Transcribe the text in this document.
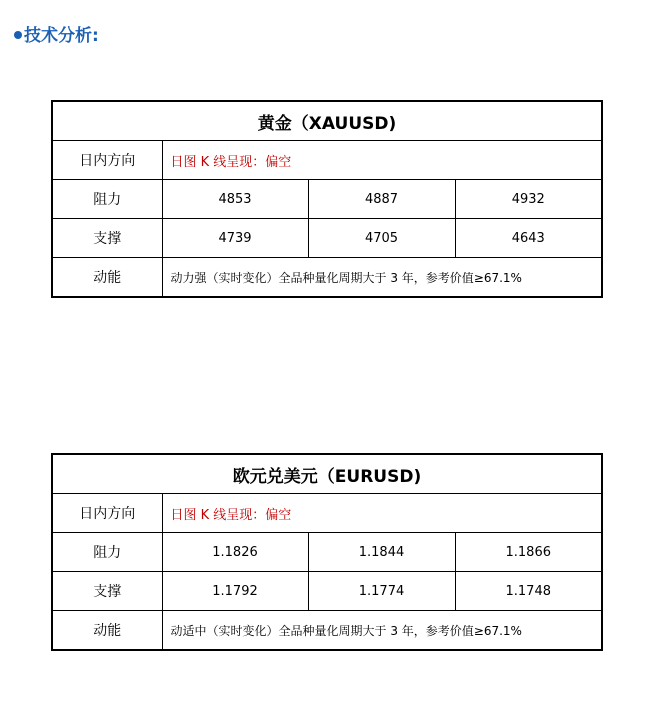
技术分析:
黄金（XAUUSD)			
日内方向	日图 K 线呈现：偏空		
阻力	4853	4887	4932
支撑	4739	4705	4643
动能	动力强（实时变化）全品种量化周期大于 3 年，参考价值≥67.1%		
欧元兑美元（EURUSD)			
日内方向	日图 K 线呈现：偏空		
阻力	1.1826	1.1844	1.1866
支撑	1.1792	1.1774	1.1748
动能	动适中（实时变化）全品种量化周期大于 3 年，参考价值≥67.1%		
